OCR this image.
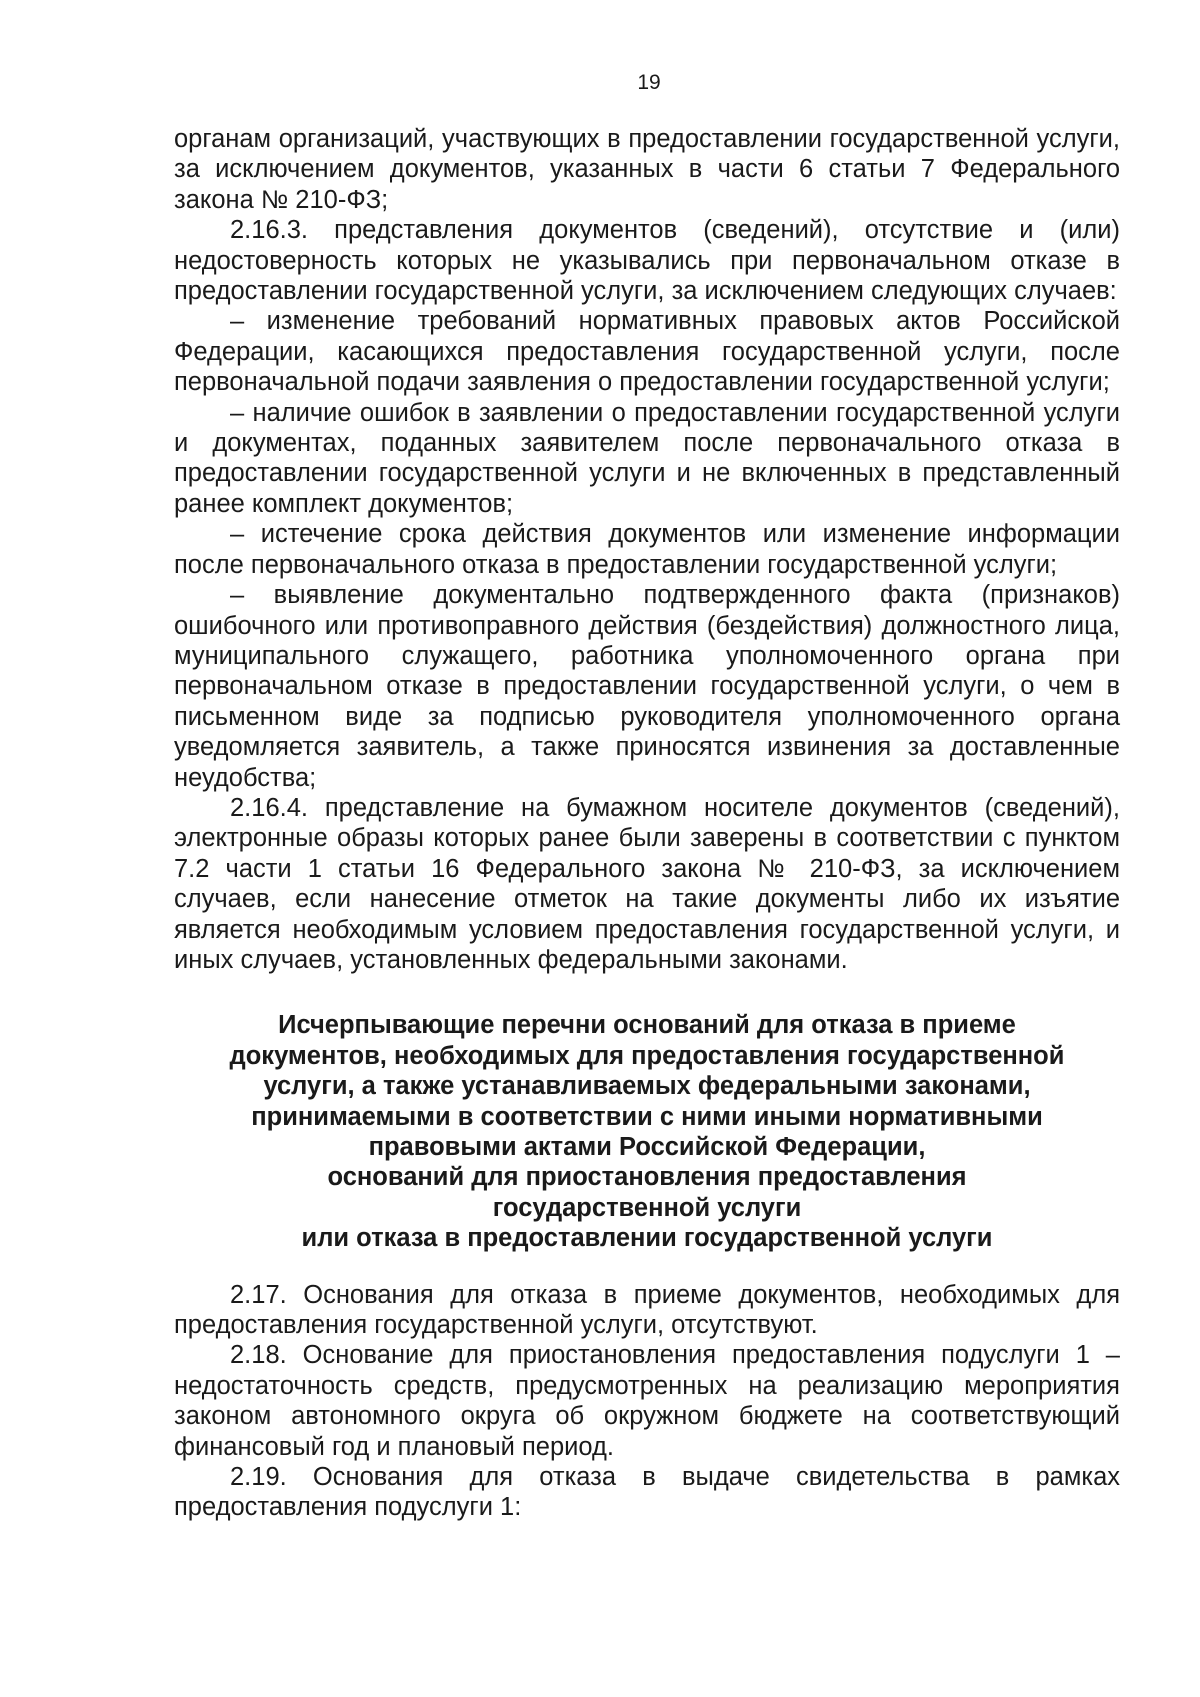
19

органам организаций, участвующих в предоставлении государственной услуги, за исключением документов, указанных в части 6 статьи 7 Федерального закона № 210-ФЗ;

2.16.3. представления документов (сведений), отсутствие и (или) недостоверность которых не указывались при первоначальном отказе в предоставлении государственной услуги, за исключением следующих случаев:

– изменение требований нормативных правовых актов Российской Федерации, касающихся предоставления государственной услуги, после первоначальной подачи заявления о предоставлении государственной услуги;

– наличие ошибок в заявлении о предоставлении государственной услуги и документах, поданных заявителем после первоначального отказа в предоставлении государственной услуги и не включенных в представленный ранее комплект документов;

– истечение срока действия документов или изменение информации после первоначального отказа в предоставлении государственной услуги;

– выявление документально подтвержденного факта (признаков) ошибочного или противоправного действия (бездействия) должностного лица, муниципального служащего, работника уполномоченного органа при первоначальном отказе в предоставлении государственной услуги, о чем в письменном виде за подписью руководителя уполномоченного органа уведомляется заявитель, а также приносятся извинения за доставленные неудобства;

2.16.4. представление на бумажном носителе документов (сведений), электронные образы которых ранее были заверены в соответствии с пунктом 7.2 части 1 статьи 16 Федерального закона № 210-ФЗ, за исключением случаев, если нанесение отметок на такие документы либо их изъятие является необходимым условием предоставления государственной услуги, и иных случаев, установленных федеральными законами.

Исчерпывающие перечни оснований для отказа в приеме
документов, необходимых для предоставления государственной
услуги, а также устанавливаемых федеральными законами,
принимаемыми в соответствии с ними иными нормативными
правовыми актами Российской Федерации,
оснований для приостановления предоставления
государственной услуги
или отказа в предоставлении государственной услуги

2.17. Основания для отказа в приеме документов, необходимых для предоставления государственной услуги, отсутствуют.

2.18. Основание для приостановления предоставления подуслуги 1 – недостаточность средств, предусмотренных на реализацию мероприятия законом автономного округа об окружном бюджете на соответствующий финансовый год и плановый период.

2.19. Основания для отказа в выдаче свидетельства в рамках предоставления подуслуги 1:
